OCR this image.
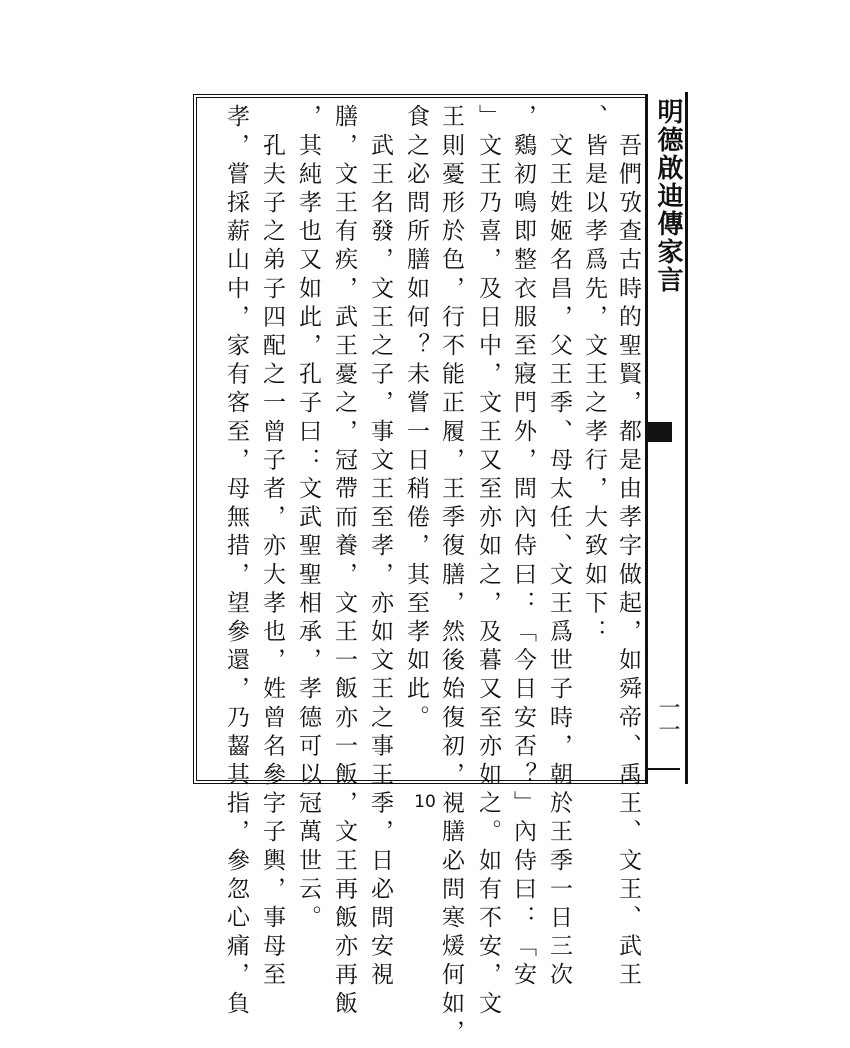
明德啟迪傳家言
一一
　吾們攷查古時的聖賢，都是由孝字做起，如舜帝、禹王、文王、武王
、皆是以孝爲先，文王之孝行，大致如下：
　文王姓姬名昌，父王季、母太任、文王爲世子時，朝於王季一日三次
，鷄初鳴即整衣服至寢門外，問內侍曰：「今日安否？」內侍曰：「安
」文王乃喜，及日中，文王又至亦如之，及暮又至亦如之。如有不安，文
王則憂形於色，行不能正履，王季復膳，然後始復初，視膳必問寒煖何如，
食之必問所膳如何？未嘗一日稍倦，其至孝如此。
　武王名發，文王之子，事文王至孝，亦如文王之事王季，日必問安視
膳，文王有疾，武王憂之，冠帶而養，文王一飯亦一飯，文王再飯亦再飯
，其純孝也又如此，孔子曰：文武聖聖相承，孝德可以冠萬世云。
　孔夫子之弟子四配之一曾子者，亦大孝也，姓曾名參字子輿，事母至
孝，嘗採薪山中，家有客至，母無措，望參還，乃齧其指，參忽心痛，負	10
